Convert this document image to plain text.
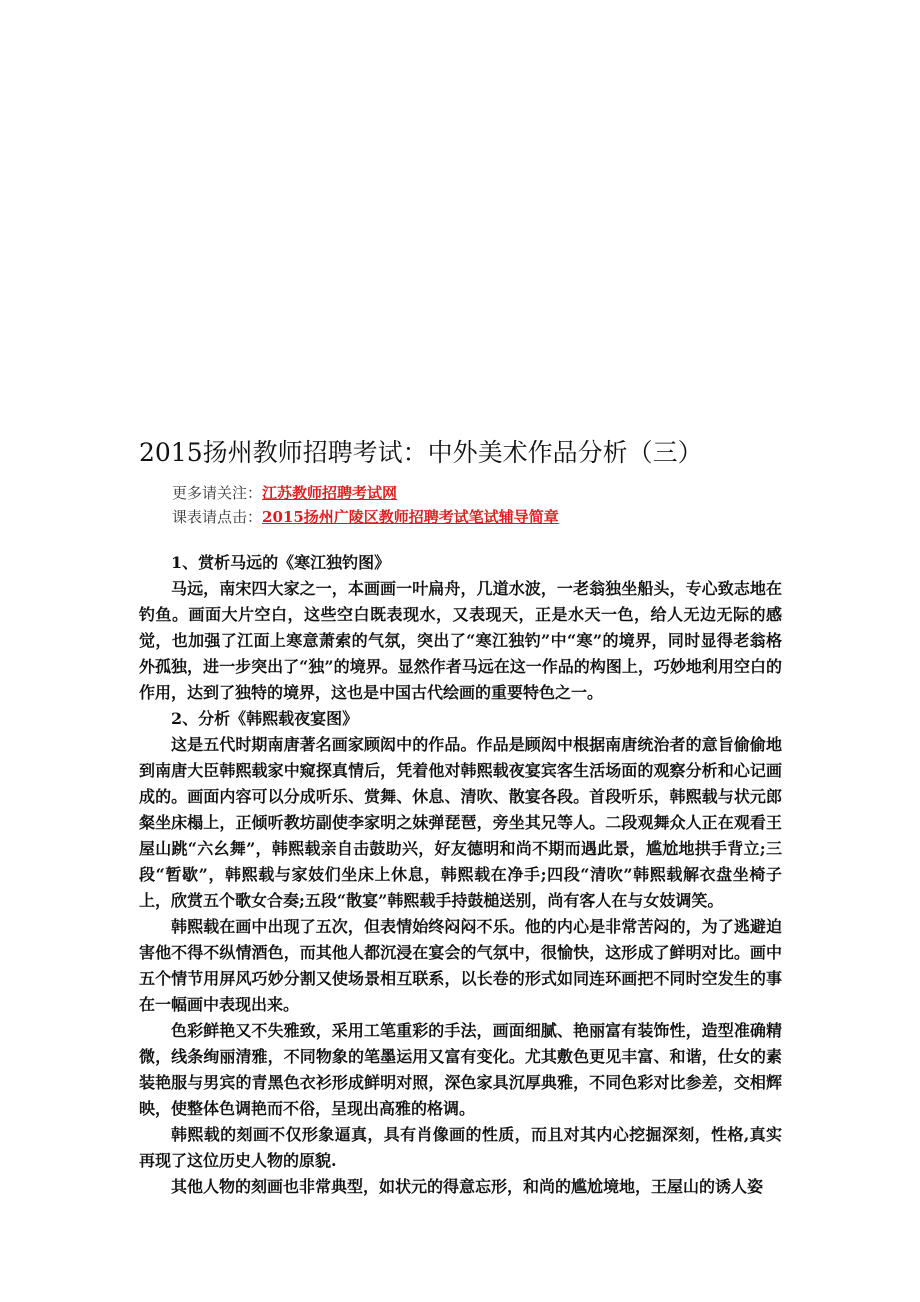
2015扬州教师招聘考试：中外美术作品分析（三）
更多请关注：江苏教师招聘考试网
课表请点击：2015扬州广陵区教师招聘考试笔试辅导简章
1、赏析马远的《寒江独钓图》

马远，南宋四大家之一，本画画一叶扁舟，几道水波，一老翁独坐船头，专心致志地在钓鱼。画面大片空白，这些空白既表现水，又表现天，正是水天一色，给人无边无际的感觉，也加强了江面上寒意萧索的气氛，突出了“寒江独钓”中“寒”的境界，同时显得老翁格外孤独，进一步突出了“独”的境界。显然作者马远在这一作品的构图上，巧妙地利用空白的作用，达到了独特的境界，这也是中国古代绘画的重要特色之一。

2、分析《韩熙载夜宴图》

这是五代时期南唐著名画家顾闳中的作品。作品是顾闳中根据南唐统治者的意旨偷偷地到南唐大臣韩熙载家中窥探真情后，凭着他对韩熙载夜宴宾客生活场面的观察分析和心记画成的。画面内容可以分成听乐、赏舞、休息、清吹、散宴各段。首段听乐，韩熙载与状元郎粲坐床榻上，正倾听教坊副使李家明之妹弹琵琶，旁坐其兄等人。二段观舞众人正在观看王屋山跳“六幺舞”，韩熙载亲自击鼓助兴，好友德明和尚不期而遇此景，尴尬地拱手背立;三段“暂歇”，韩熙载与家妓们坐床上休息，韩熙载在净手;四段“清吹”韩熙载解衣盘坐椅子上，欣赏五个歌女合奏;五段“散宴”韩熙载手持鼓槌送别，尚有客人在与女妓调笑。

韩熙载在画中出现了五次，但表情始终闷闷不乐。他的内心是非常苦闷的，为了逃避迫害他不得不纵情酒色，而其他人都沉浸在宴会的气氛中，很愉快，这形成了鲜明对比。画中五个情节用屏风巧妙分割又使场景相互联系，以长卷的形式如同连环画把不同时空发生的事在一幅画中表现出来。

色彩鲜艳又不失雅致，采用工笔重彩的手法，画面细腻、艳丽富有装饰性，造型准确精微，线条绚丽清雅，不同物象的笔墨运用又富有变化。尤其敷色更见丰富、和谐，仕女的素装艳服与男宾的青黑色衣衫形成鲜明对照，深色家具沉厚典雅，不同色彩对比参差，交相辉映，使整体色调艳而不俗，呈现出高雅的格调。

韩熙载的刻画不仅形象逼真，具有肖像画的性质，而且对其内心挖掘深刻，性格,真实再现了这位历史人物的原貌.

其他人物的刻画也非常典型，如状元的得意忘形，和尚的尴尬境地，王屋山的诱人姿
